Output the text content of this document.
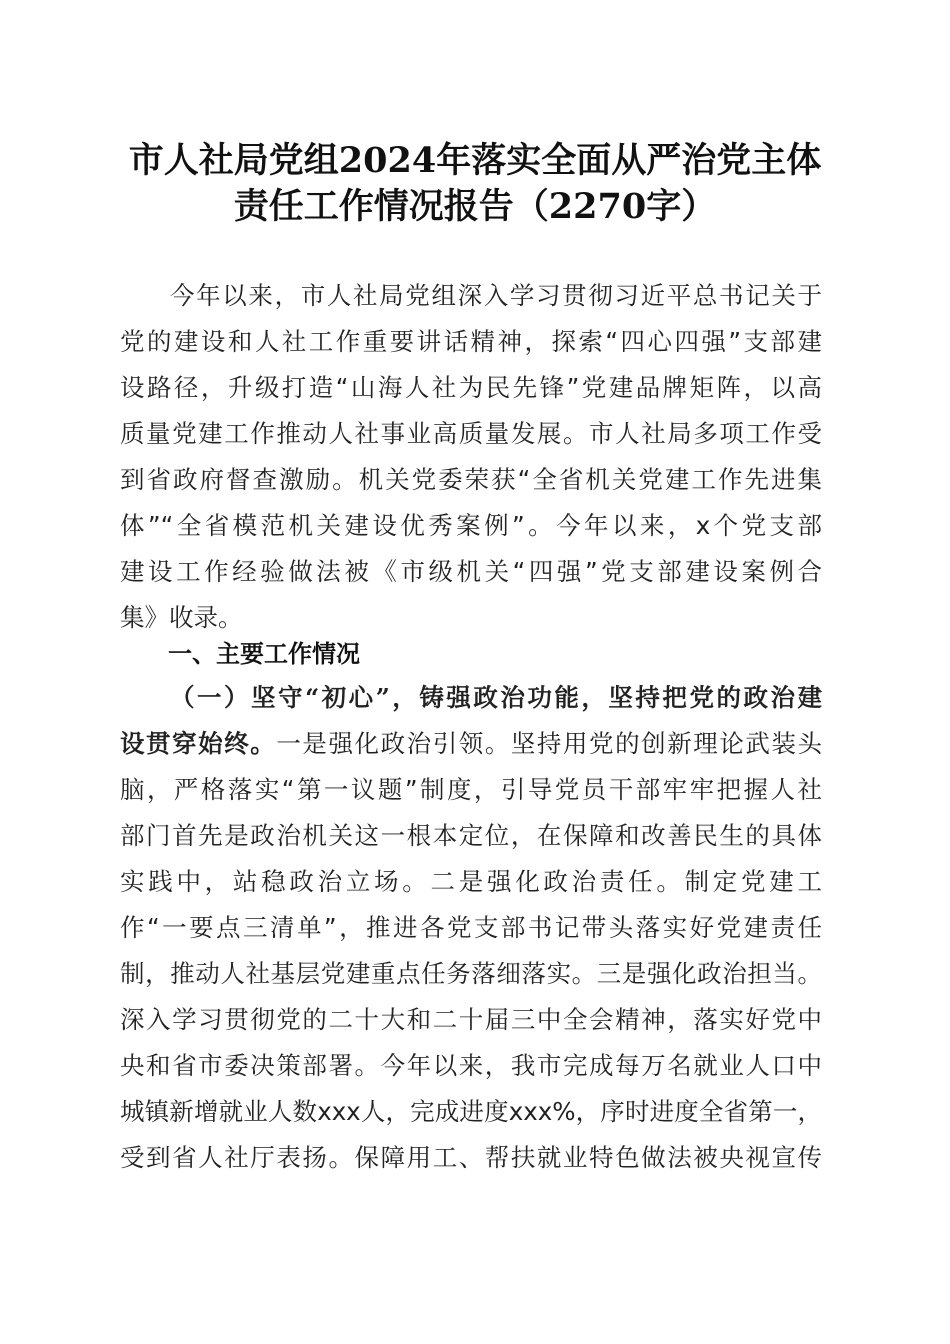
市人社局党组2024年落实全面从严治党主体
责任工作情况报告（2270字）
今年以来，市人社局党组深入学习贯彻习近平总书记关于
党的建设和人社工作重要讲话精神，探索“四心四强”支部建
设路径，升级打造“山海人社为民先锋”党建品牌矩阵，以高
质量党建工作推动人社事业高质量发展。市人社局多项工作受
到省政府督查激励。机关党委荣获“全省机关党建工作先进集
体”“全省模范机关建设优秀案例”。今年以来，x个党支部
建设工作经验做法被《市级机关“四强”党支部建设案例合
集》收录。
一、主要工作情况
（一）坚守“初心”，铸强政治功能，坚持把党的政治建
设贯穿始终。一是强化政治引领。坚持用党的创新理论武装头
脑，严格落实“第一议题”制度，引导党员干部牢牢把握人社
部门首先是政治机关这一根本定位，在保障和改善民生的具体
实践中，站稳政治立场。二是强化政治责任。制定党建工
作“一要点三清单”，推进各党支部书记带头落实好党建责任
制，推动人社基层党建重点任务落细落实。三是强化政治担当。
深入学习贯彻党的二十大和二十届三中全会精神，落实好党中
央和省市委决策部署。今年以来，我市完成每万名就业人口中
城镇新增就业人数xxx人，完成进度xxx%，序时进度全省第一，
受到省人社厅表扬。保障用工、帮扶就业特色做法被央视宣传
